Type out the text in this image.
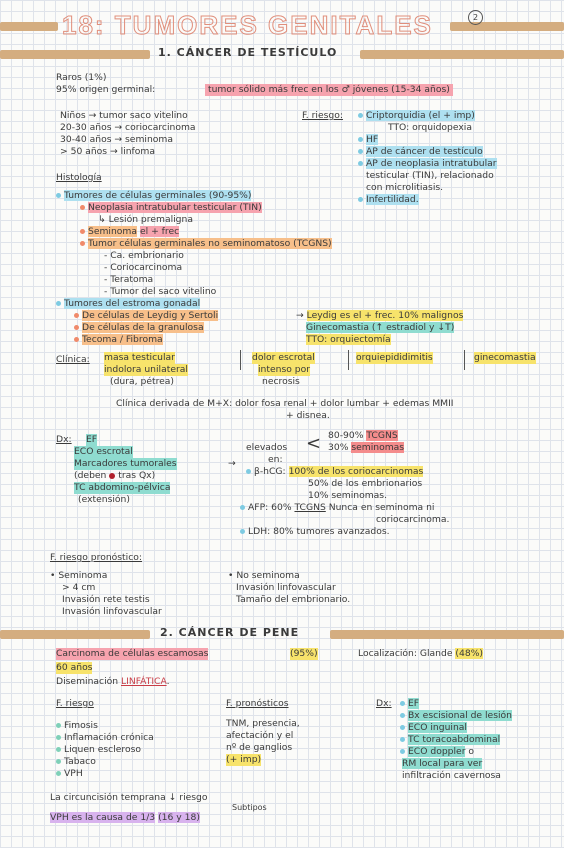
18: TUMORES GENITALES	2
1. CÁNCER DE TESTÍCULO
Raros (1%)
95% origen germinal:	tumor sólido más frec en los ♂ jóvenes (15-34 años)
Niños → tumor saco vitelino
20-30 años → coriocarcinoma
30-40 años → seminoma
> 50 años → linfoma
F. riesgo:	Criptorquidia (el + imp)
TTO: orquidopexia
HF
AP de cáncer de testículo
AP de neoplasia intratubular
testicular (TIN), relacionado
con microlitiasis.
Infertilidad.
Histología
Tumores de células germinales (90-95%)
Neoplasia intratubular testicular (TIN)
↳ Lesión premaligna
Seminoma el + frec
Tumor células germinales no seminomatoso (TCGNS)
- Ca. embrionario
- Coriocarcinoma
- Teratoma
- Tumor del saco vitelino
Tumores del estroma gonadal
De células de Leydig y Sertoli
De células de la granulosa
Tecoma / Fibroma
→ Leydig es el + frec. 10% malignos
Ginecomastia (↑ estradiol y ↓T)
TTO: orquiectomía
Clínica: masa testicular
indolora unilateral
(dura, pétrea)
dolor escrotal
intenso por
necrosis
orquiepididimitis	ginecomastia
Clínica derivada de M+X: dolor fosa renal + dolor lumbar + edemas MMII
+ disnea.
Dx: EF
ECO escrotal
Marcadores tumorales	→
(deben tras Qx)
TC abdomino-pélvica
(extensión)
elevados < 80-90% TCGNS
30% seminomas
en:
β-hCG: 100% de los coriocarcinomas
50% de los embrionarios
10% seminomas.
AFP: 60% TCGNS Nunca en seminoma ni
coriocarcinoma.
LDH: 80% tumores avanzados.
F. riesgo pronóstico:
• Seminoma
> 4 cm
Invasión rete testis
Invasión linfovascular
• No seminoma
Invasión linfovascular
Tamaño del embrionario.
2. CÁNCER DE PENE
Carcinoma de células escamosas	(95%)	Localización: Glande (48%)
60 años
Diseminación LINFÁTICA.
F. riesgo
Fimosis
Inflamación crónica
Liquen escleroso
Tabaco
VPH
F. pronósticos
TNM, presencia,
afectación y el
nº de ganglios
(+ imp)
Dx:	EF
Bx escisional de lesión
ECO inguinal
TC toracoabdominal
ECO doppler o
RM local para ver
infiltración cavernosa
La circuncisión temprana ↓ riesgo
Subtipos
VPH es la causa de 1/3 (16 y 18)
